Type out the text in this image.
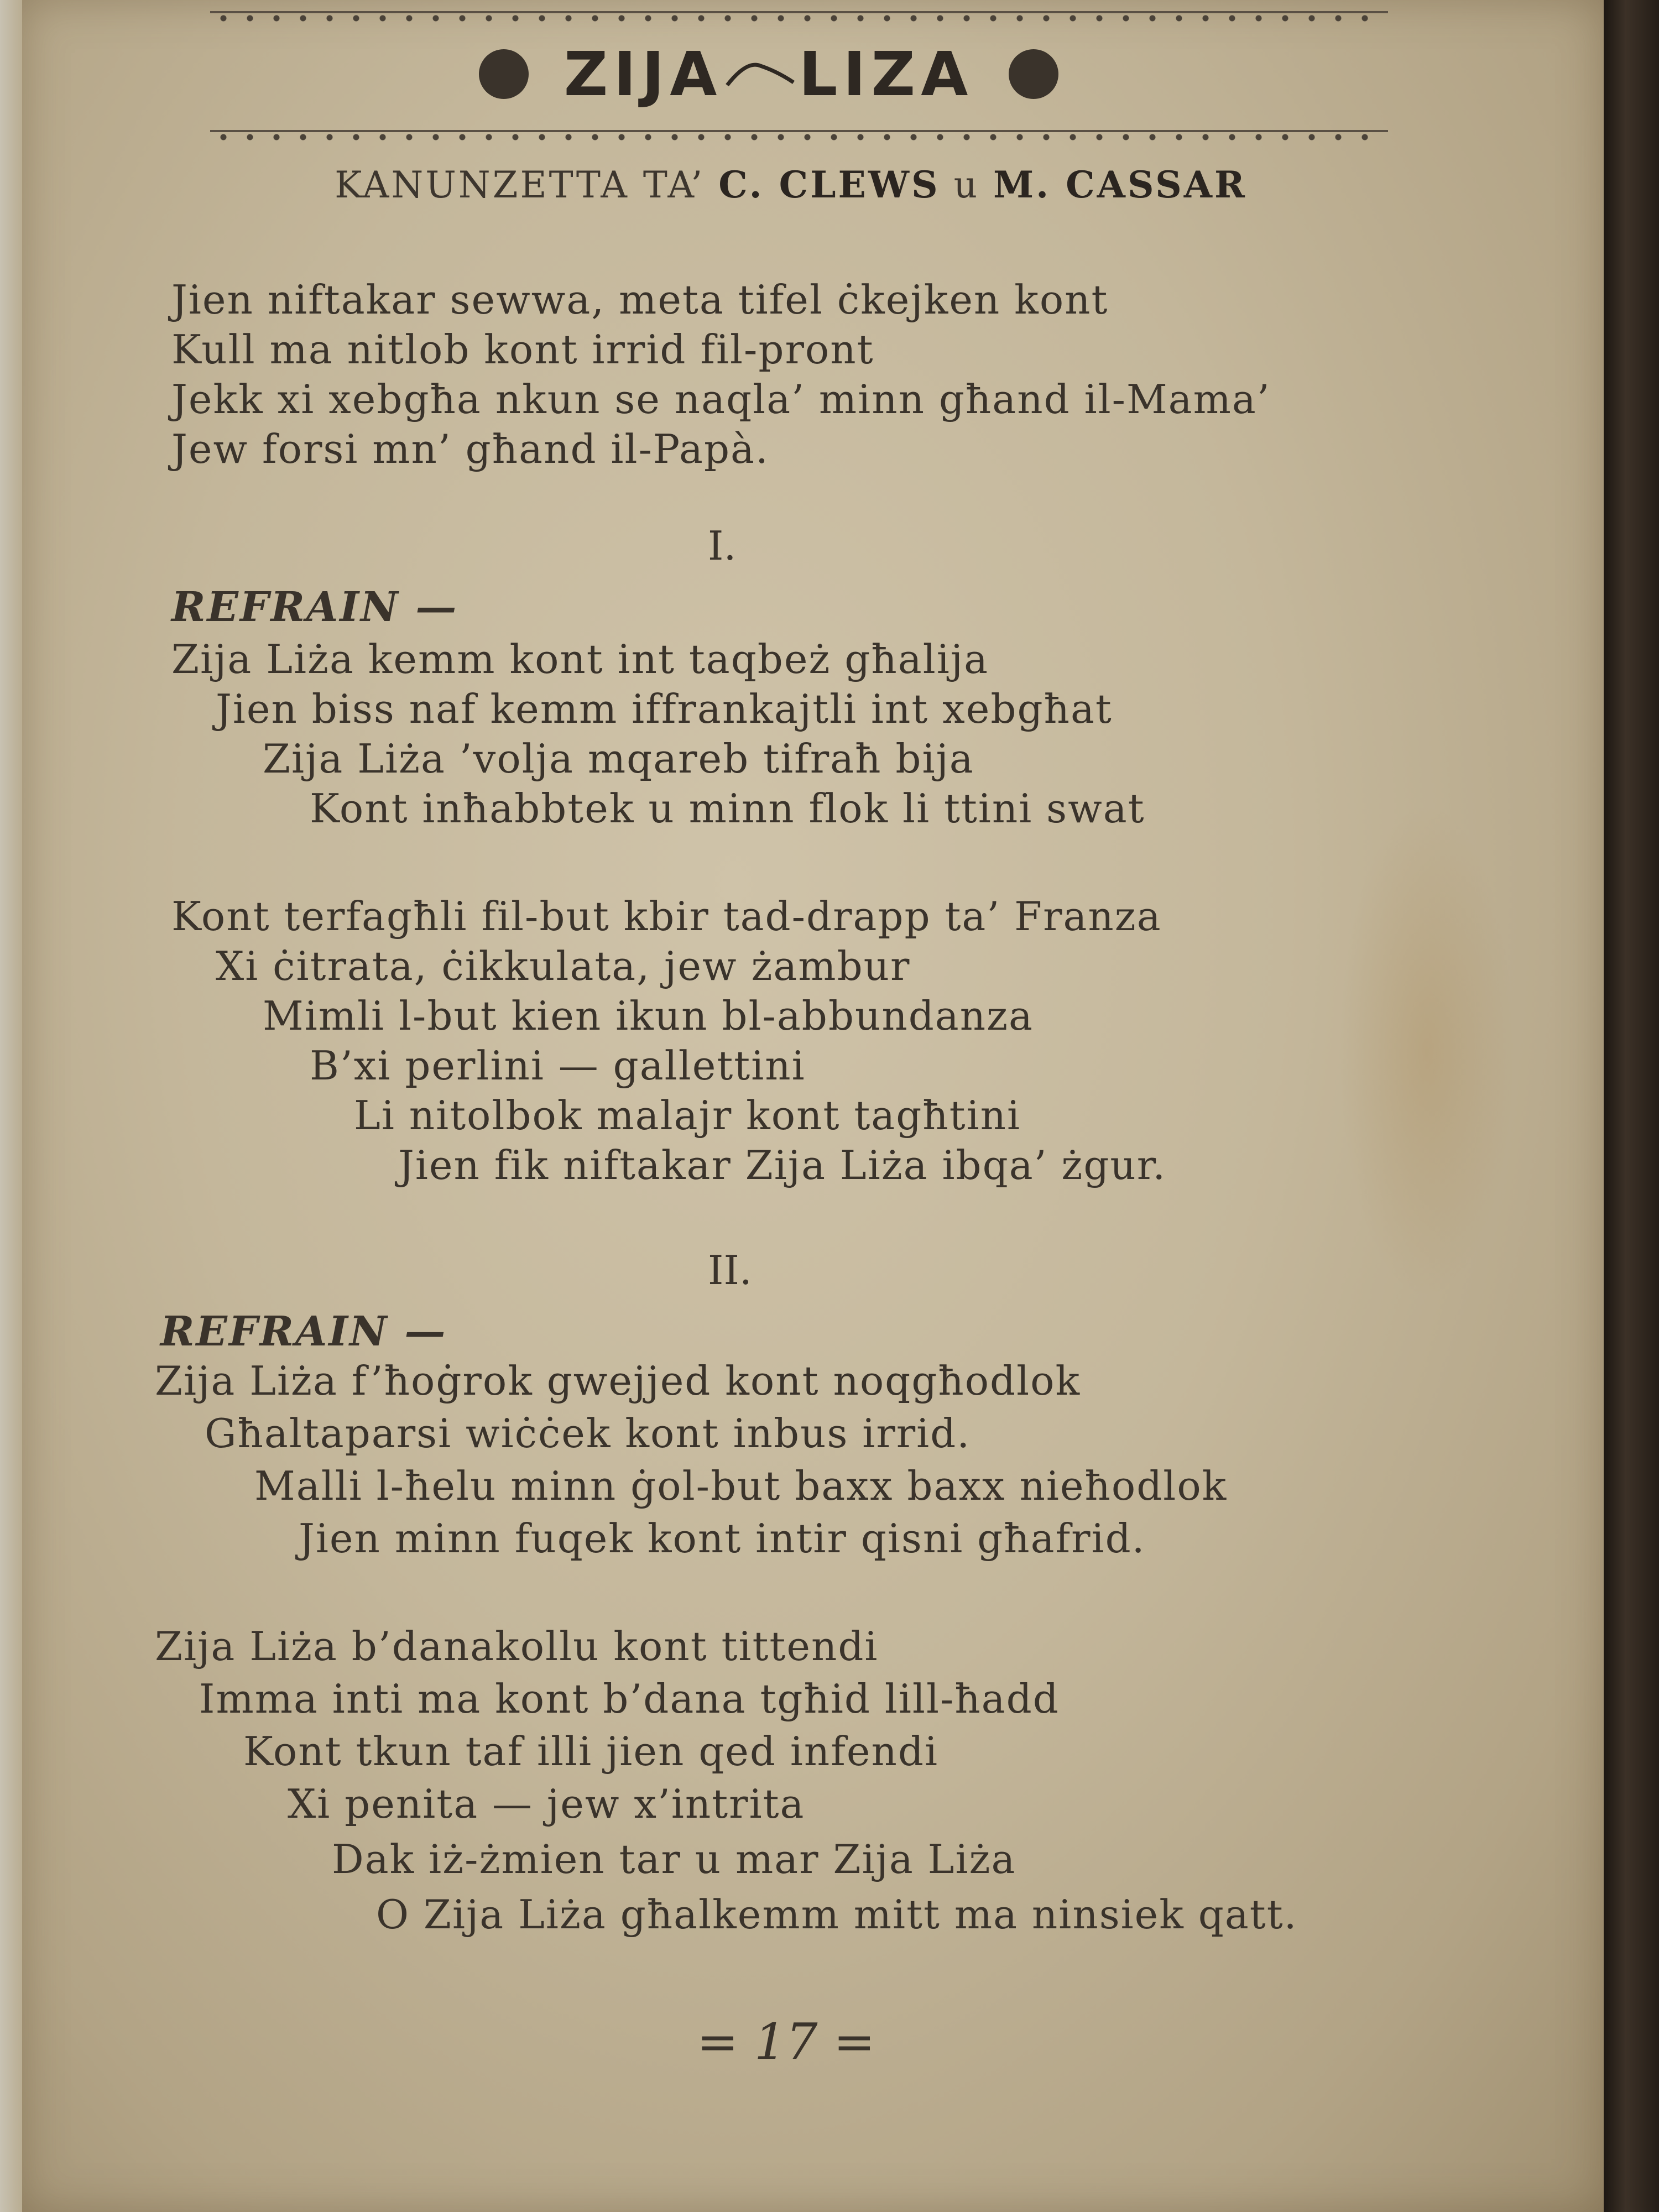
ZIJA LIZA
KANUNZETTA TA’ C. CLEWS u M. CASSAR
Jien niftakar sewwa, meta tifel ċkejken kont
Kull ma nitlob kont irrid fil-pront
Jekk xi xebgħa nkun se naqla’ minn għand il-Mama’
Jew forsi mn’ għand il-Papà.
I.
REFRAIN —
Zija Liża kemm kont int taqbeż għalija
Jien biss naf kemm iffrankajtli int xebgħat
Zija Liża ’volja mqareb tifraħ bija
Kont inħabbtek u minn flok li ttini swat
Kont terfagħli fil-but kbir tad-drapp ta’ Franza
Xi ċitrata, ċikkulata, jew żambur
Mimli l-but kien ikun bl-abbundanza
B’xi perlini — gallettini
Li nitolbok malajr kont tagħtini
Jien fik niftakar Zija Liża ibqa’ żgur.
II.
REFRAIN —
Zija Liża f’ħoġrok gwejjed kont noqgħodlok
Għaltaparsi wiċċek kont inbus irrid.
Malli l-ħelu minn ġol-but baxx baxx nieħodlok
Jien minn fuqek kont intir qisni għafrid.
Zija Liża b’danakollu kont tittendi
Imma inti ma kont b’dana tgħid lill-ħadd
Kont tkun taf illi jien qed infendi
Xi penita — jew x’intrita
Dak iż-żmien tar u mar Zija Liża
O Zija Liża għalkemm mitt ma ninsiek qatt.
= 17 =
